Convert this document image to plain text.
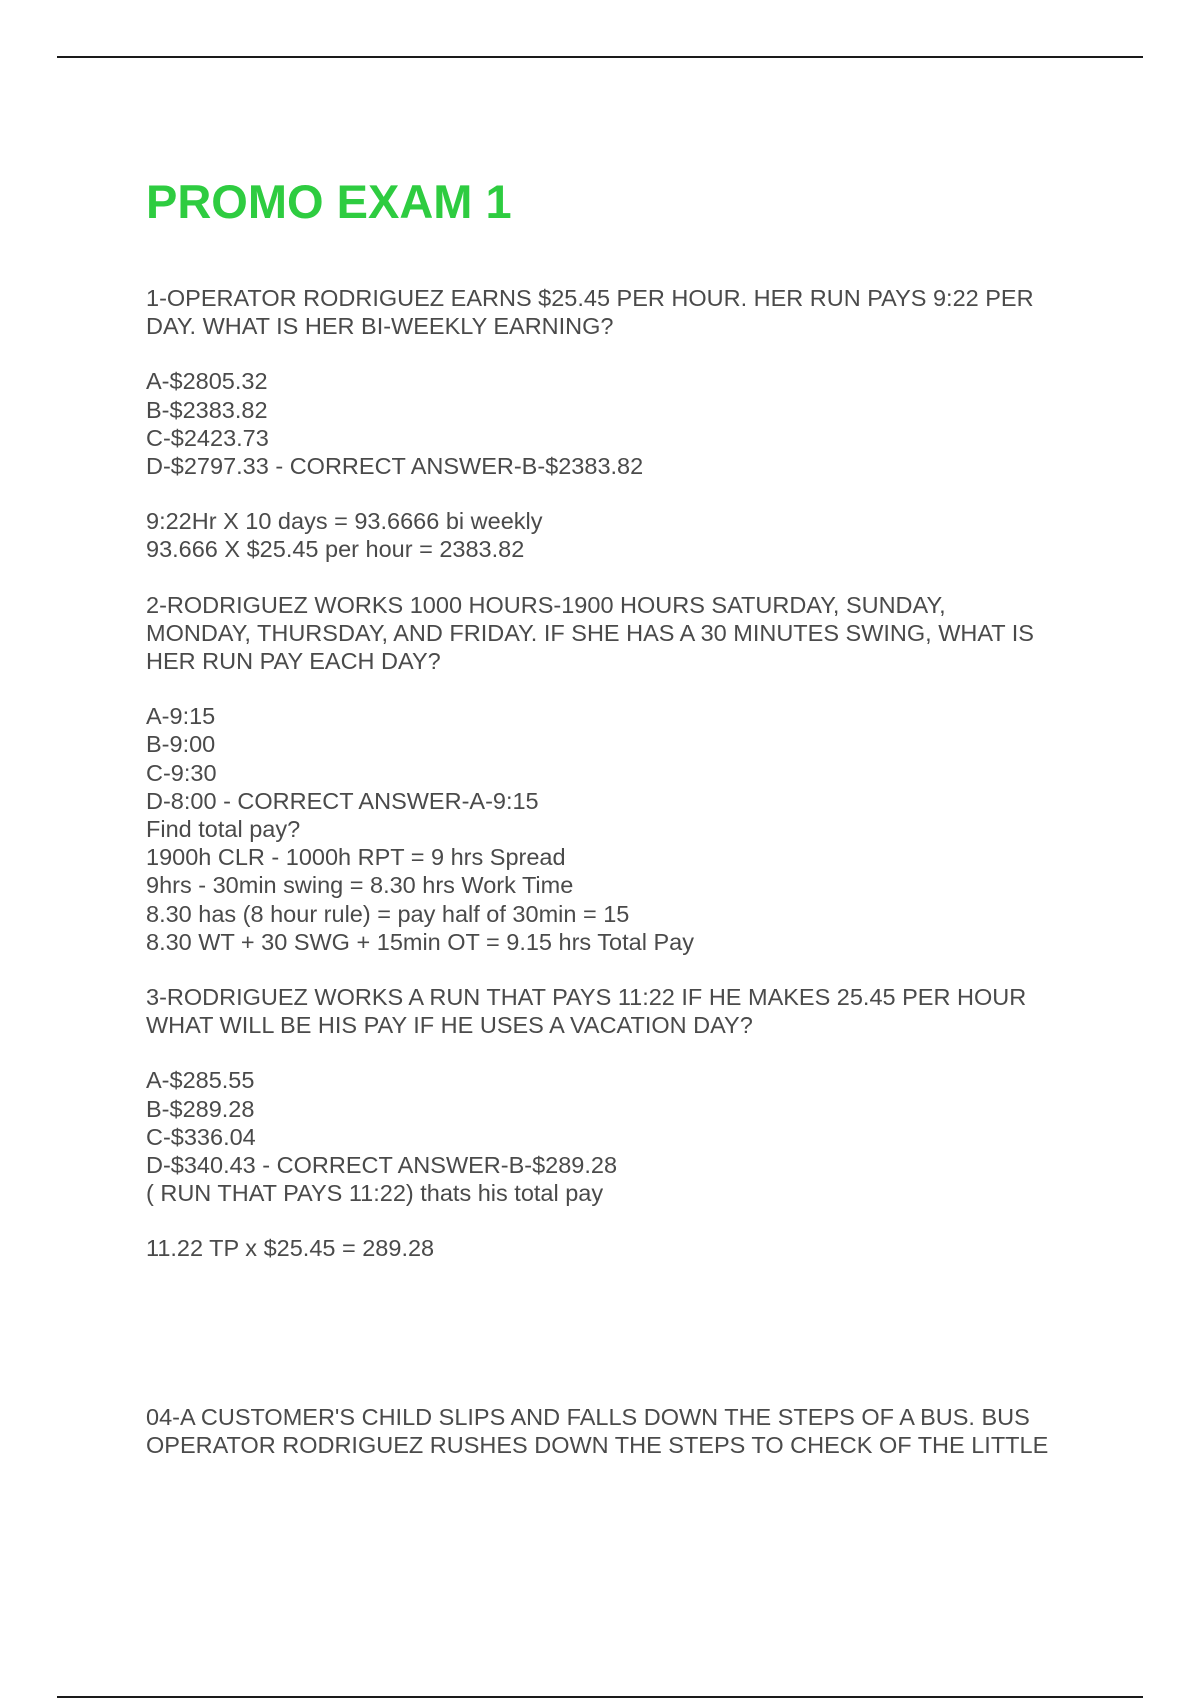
PROMO EXAM 1
1-OPERATOR RODRIGUEZ EARNS $25.45 PER HOUR. HER RUN PAYS 9:22 PER
DAY. WHAT IS HER BI-WEEKLY EARNING?
A-$2805.32
B-$2383.82
C-$2423.73
D-$2797.33 - CORRECT ANSWER-B-$2383.82
9:22Hr X 10 days = 93.6666 bi weekly
93.666 X $25.45 per hour = 2383.82
2-RODRIGUEZ WORKS 1000 HOURS-1900 HOURS SATURDAY, SUNDAY,
MONDAY, THURSDAY, AND FRIDAY. IF SHE HAS A 30 MINUTES SWING, WHAT IS
HER RUN PAY EACH DAY?
A-9:15
B-9:00
C-9:30
D-8:00 - CORRECT ANSWER-A-9:15
Find total pay?
1900h CLR - 1000h RPT = 9 hrs Spread
9hrs - 30min swing = 8.30 hrs Work Time
8.30 has (8 hour rule) = pay half of 30min = 15
8.30 WT + 30 SWG + 15min OT = 9.15 hrs Total Pay
3-RODRIGUEZ WORKS A RUN THAT PAYS 11:22 IF HE MAKES 25.45 PER HOUR
WHAT WILL BE HIS PAY IF HE USES A VACATION DAY?
A-$285.55
B-$289.28
C-$336.04
D-$340.43 - CORRECT ANSWER-B-$289.28
( RUN THAT PAYS 11:22) thats his total pay
11.22 TP x $25.45 = 289.28
04-A CUSTOMER'S CHILD SLIPS AND FALLS DOWN THE STEPS OF A BUS. BUS
OPERATOR RODRIGUEZ RUSHES DOWN THE STEPS TO CHECK OF THE LITTLE
